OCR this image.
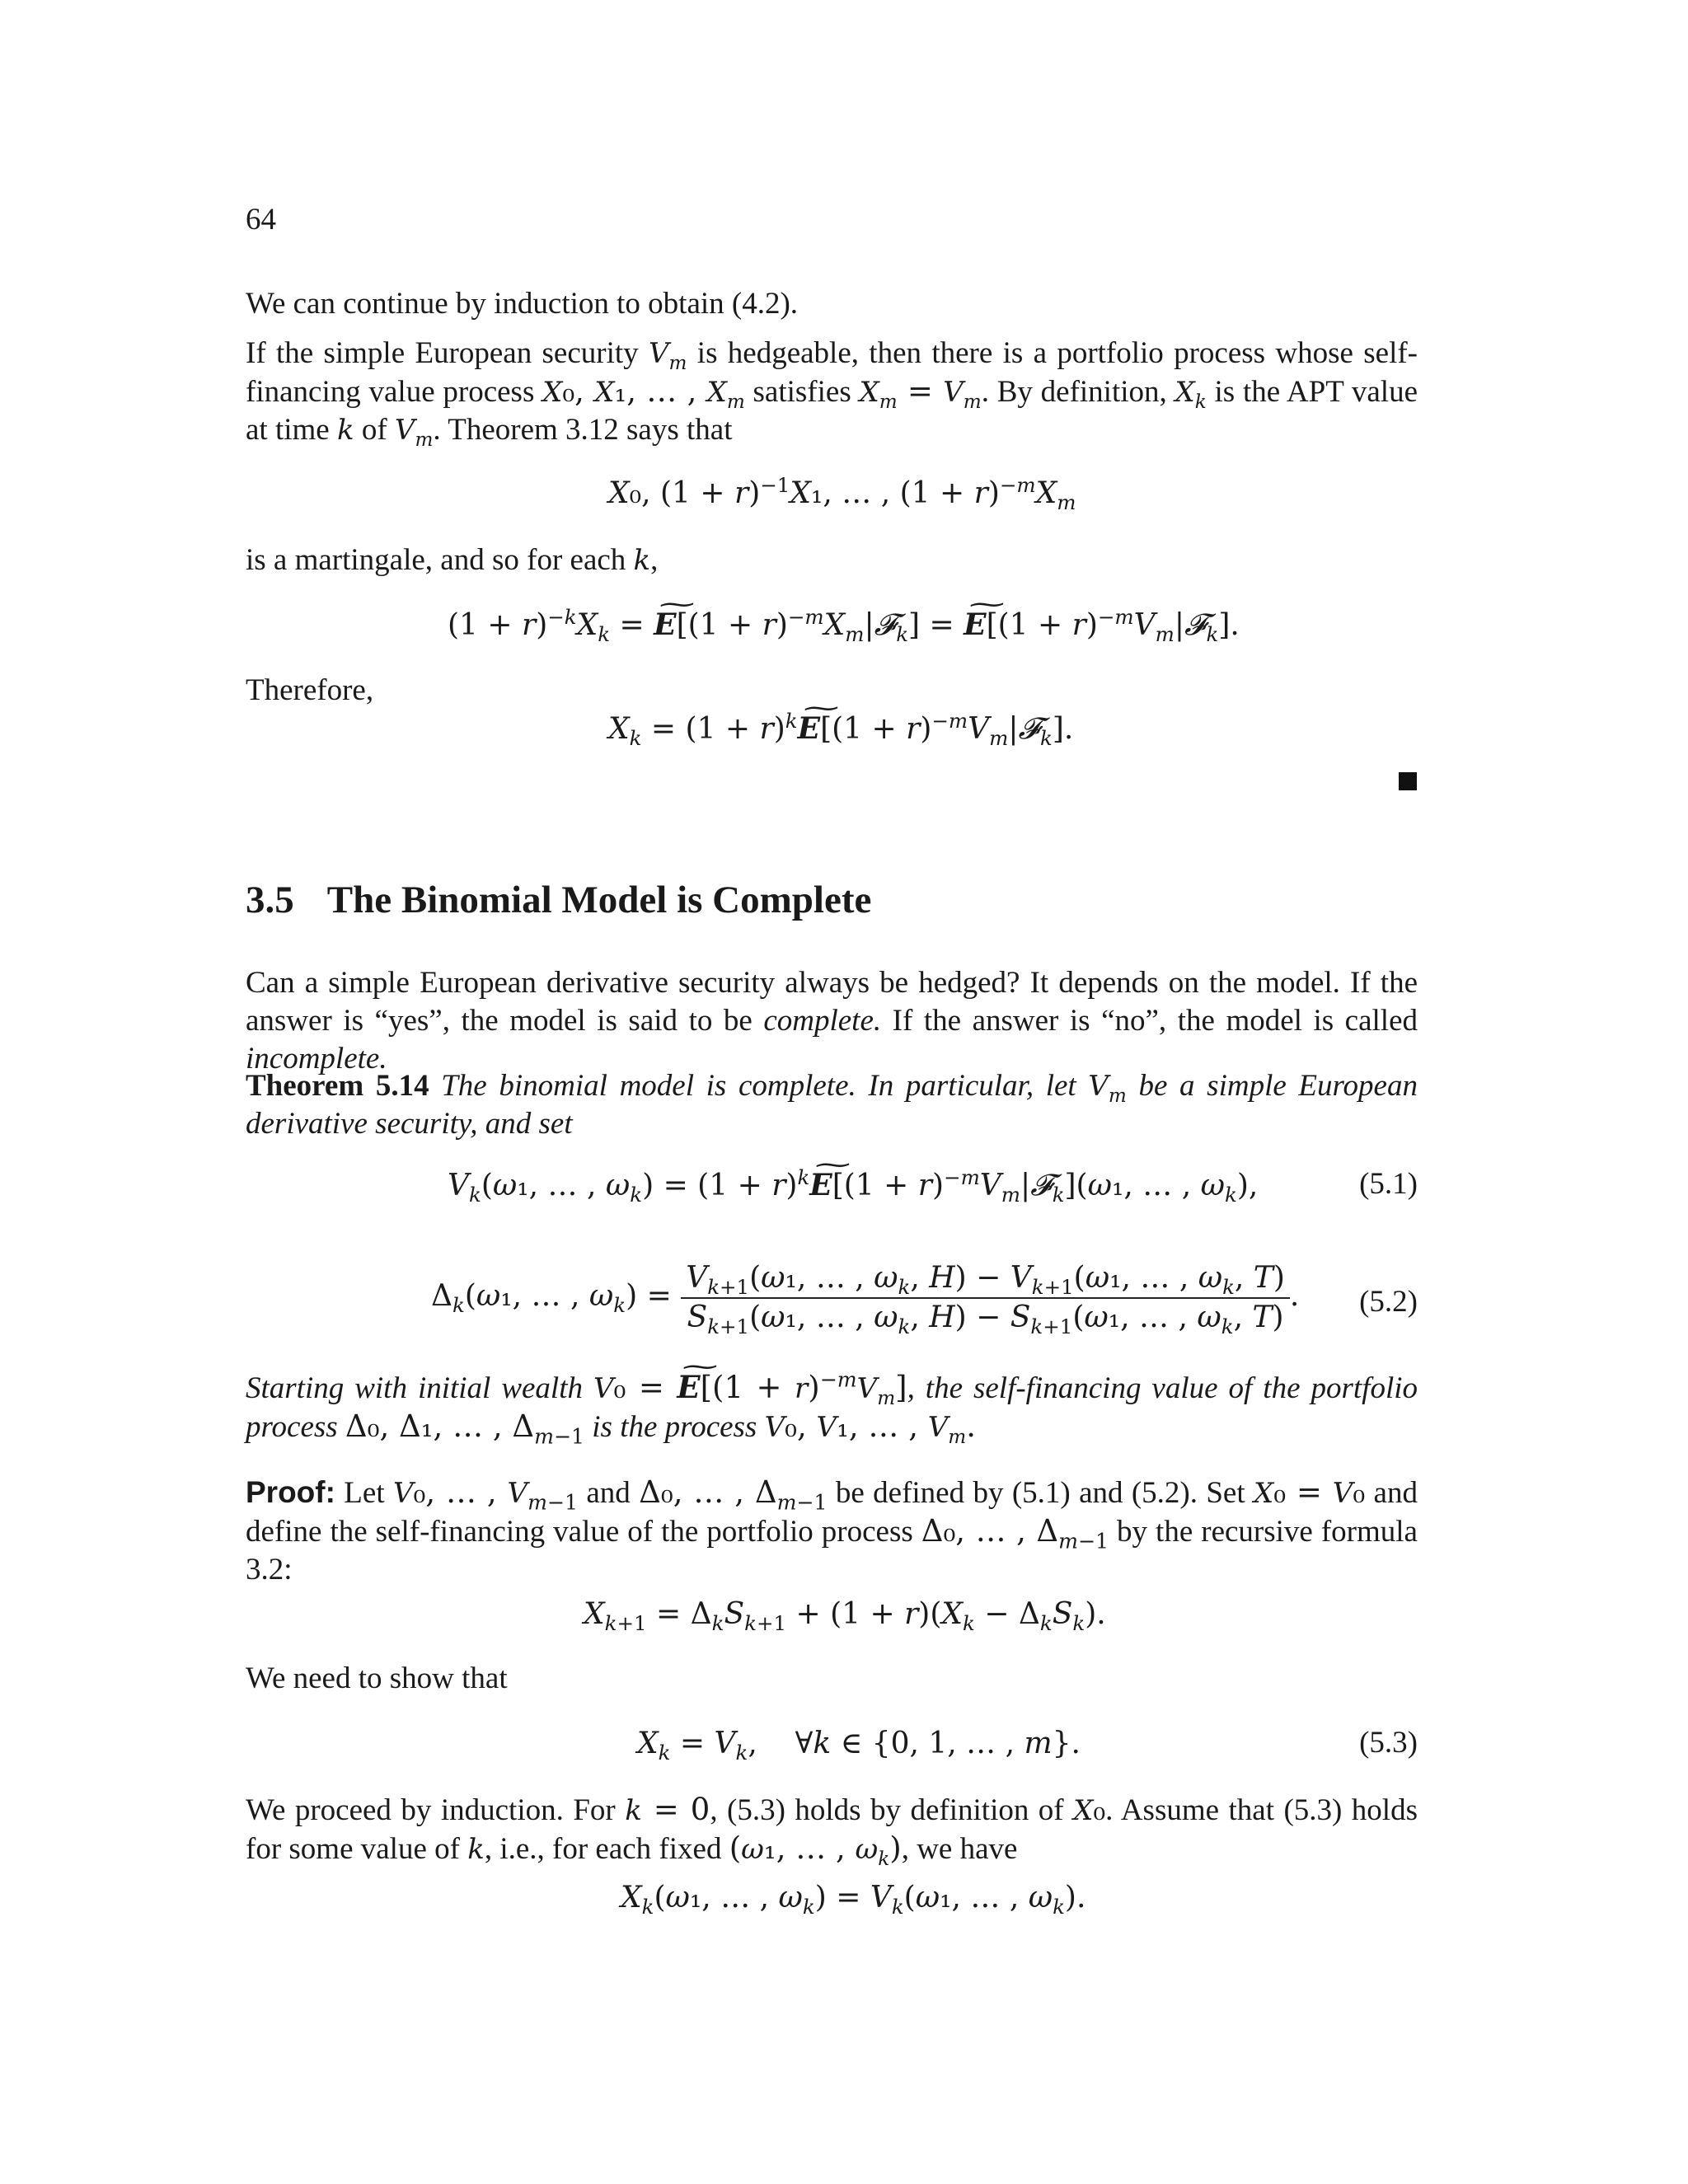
64
We can continue by induction to obtain (4.2).
If the simple European security $V_m$ is hedgeable, then there is a portfolio process whose self-financing value process X₀, X₁, … , $X_m$ satisfies $X_m = V_m$. By definition, $X_k$ is the APT value at time k of $V_m$. Theorem 3.12 says that
X₀, $(1 + r)^{-1}X_1$, … , $(1 + r)^{-m}X_m$
is a martingale, and so for each k,
$(1 + r)^{-k}X_k$ = ~ $E[(1 + r)^{-m}X_m|𝓕_k]$ = ~ $E[(1 + r)^{-m}V_m|𝓕_k]$.
Therefore,
$X_k = (1$ + $r)^k\sim$ $E[(1 + r)^{-m}V_m|𝓕_k]$.
3.5 The Binomial Model is Complete
Can a simple European derivative security always be hedged? It depends on the model. If the answer is “yes”, the model is said to be complete. If the answer is “no”, the model is called incomplete.
Theorem 5.14 The binomial model is complete. In particular, let $V_m$ be a simple European derivative security, and set
$V_k(\omega_1$, … , $\omega_k) = (1$ + $r)^k\sim$ $E[(1 + r)^{-m}V_m|𝓕_k](\omega_1$, … , $\omega_k$),	(5.1)
$\Delta_k(\omega_1$, … , $\omega_k) = \frac{V_{k+1}(\omega_1, \dots , \omega_k, H) - V_{k+1}(\omega_1, \dots , \omega_k, T)}{S_{k+1}(\omega_1, \dots , \omega_k, H) - S_{k+1}(\omega_1, \dots , \omega_k, T)}$ . (5.2)
Starting with initial wealth V₀ = ~ $E[(1 + r)^{-m}V_m]$, the self-financing value of the portfolio process Δ₀, Δ₁, … , $\Delta_{m-1}$ is the process V₀, V₁, … , $V_m$.
Proof: Let V₀, … , $V_{m-1}$ and Δ₀, … , $\Delta_{m-1}$ be defined by (5.1) and (5.2). Set X₀ = V₀ and define the self-financing value of the portfolio process Δ₀, … , $\Delta_{m-1}$ by the recursive formula 3.2:
$X_{k+1} = \Delta_kS_{k+1} + (1 + r)(X_k - \Delta_kS_k)$.
We need to show that
$X_k = V_k$,    ∀k ∈ {0, 1, … , m}.	(5.3)
We proceed by induction. For k = 0, (5.3) holds by definition of X₀. Assume that (5.3) holds for some value of k, i.e., for each fixed (ω₁, … , $\omega_k$), we have
$X_k(\omega_1$, … , $\omega_k) = V_k(\omega_1$, … , $\omega_k$).
